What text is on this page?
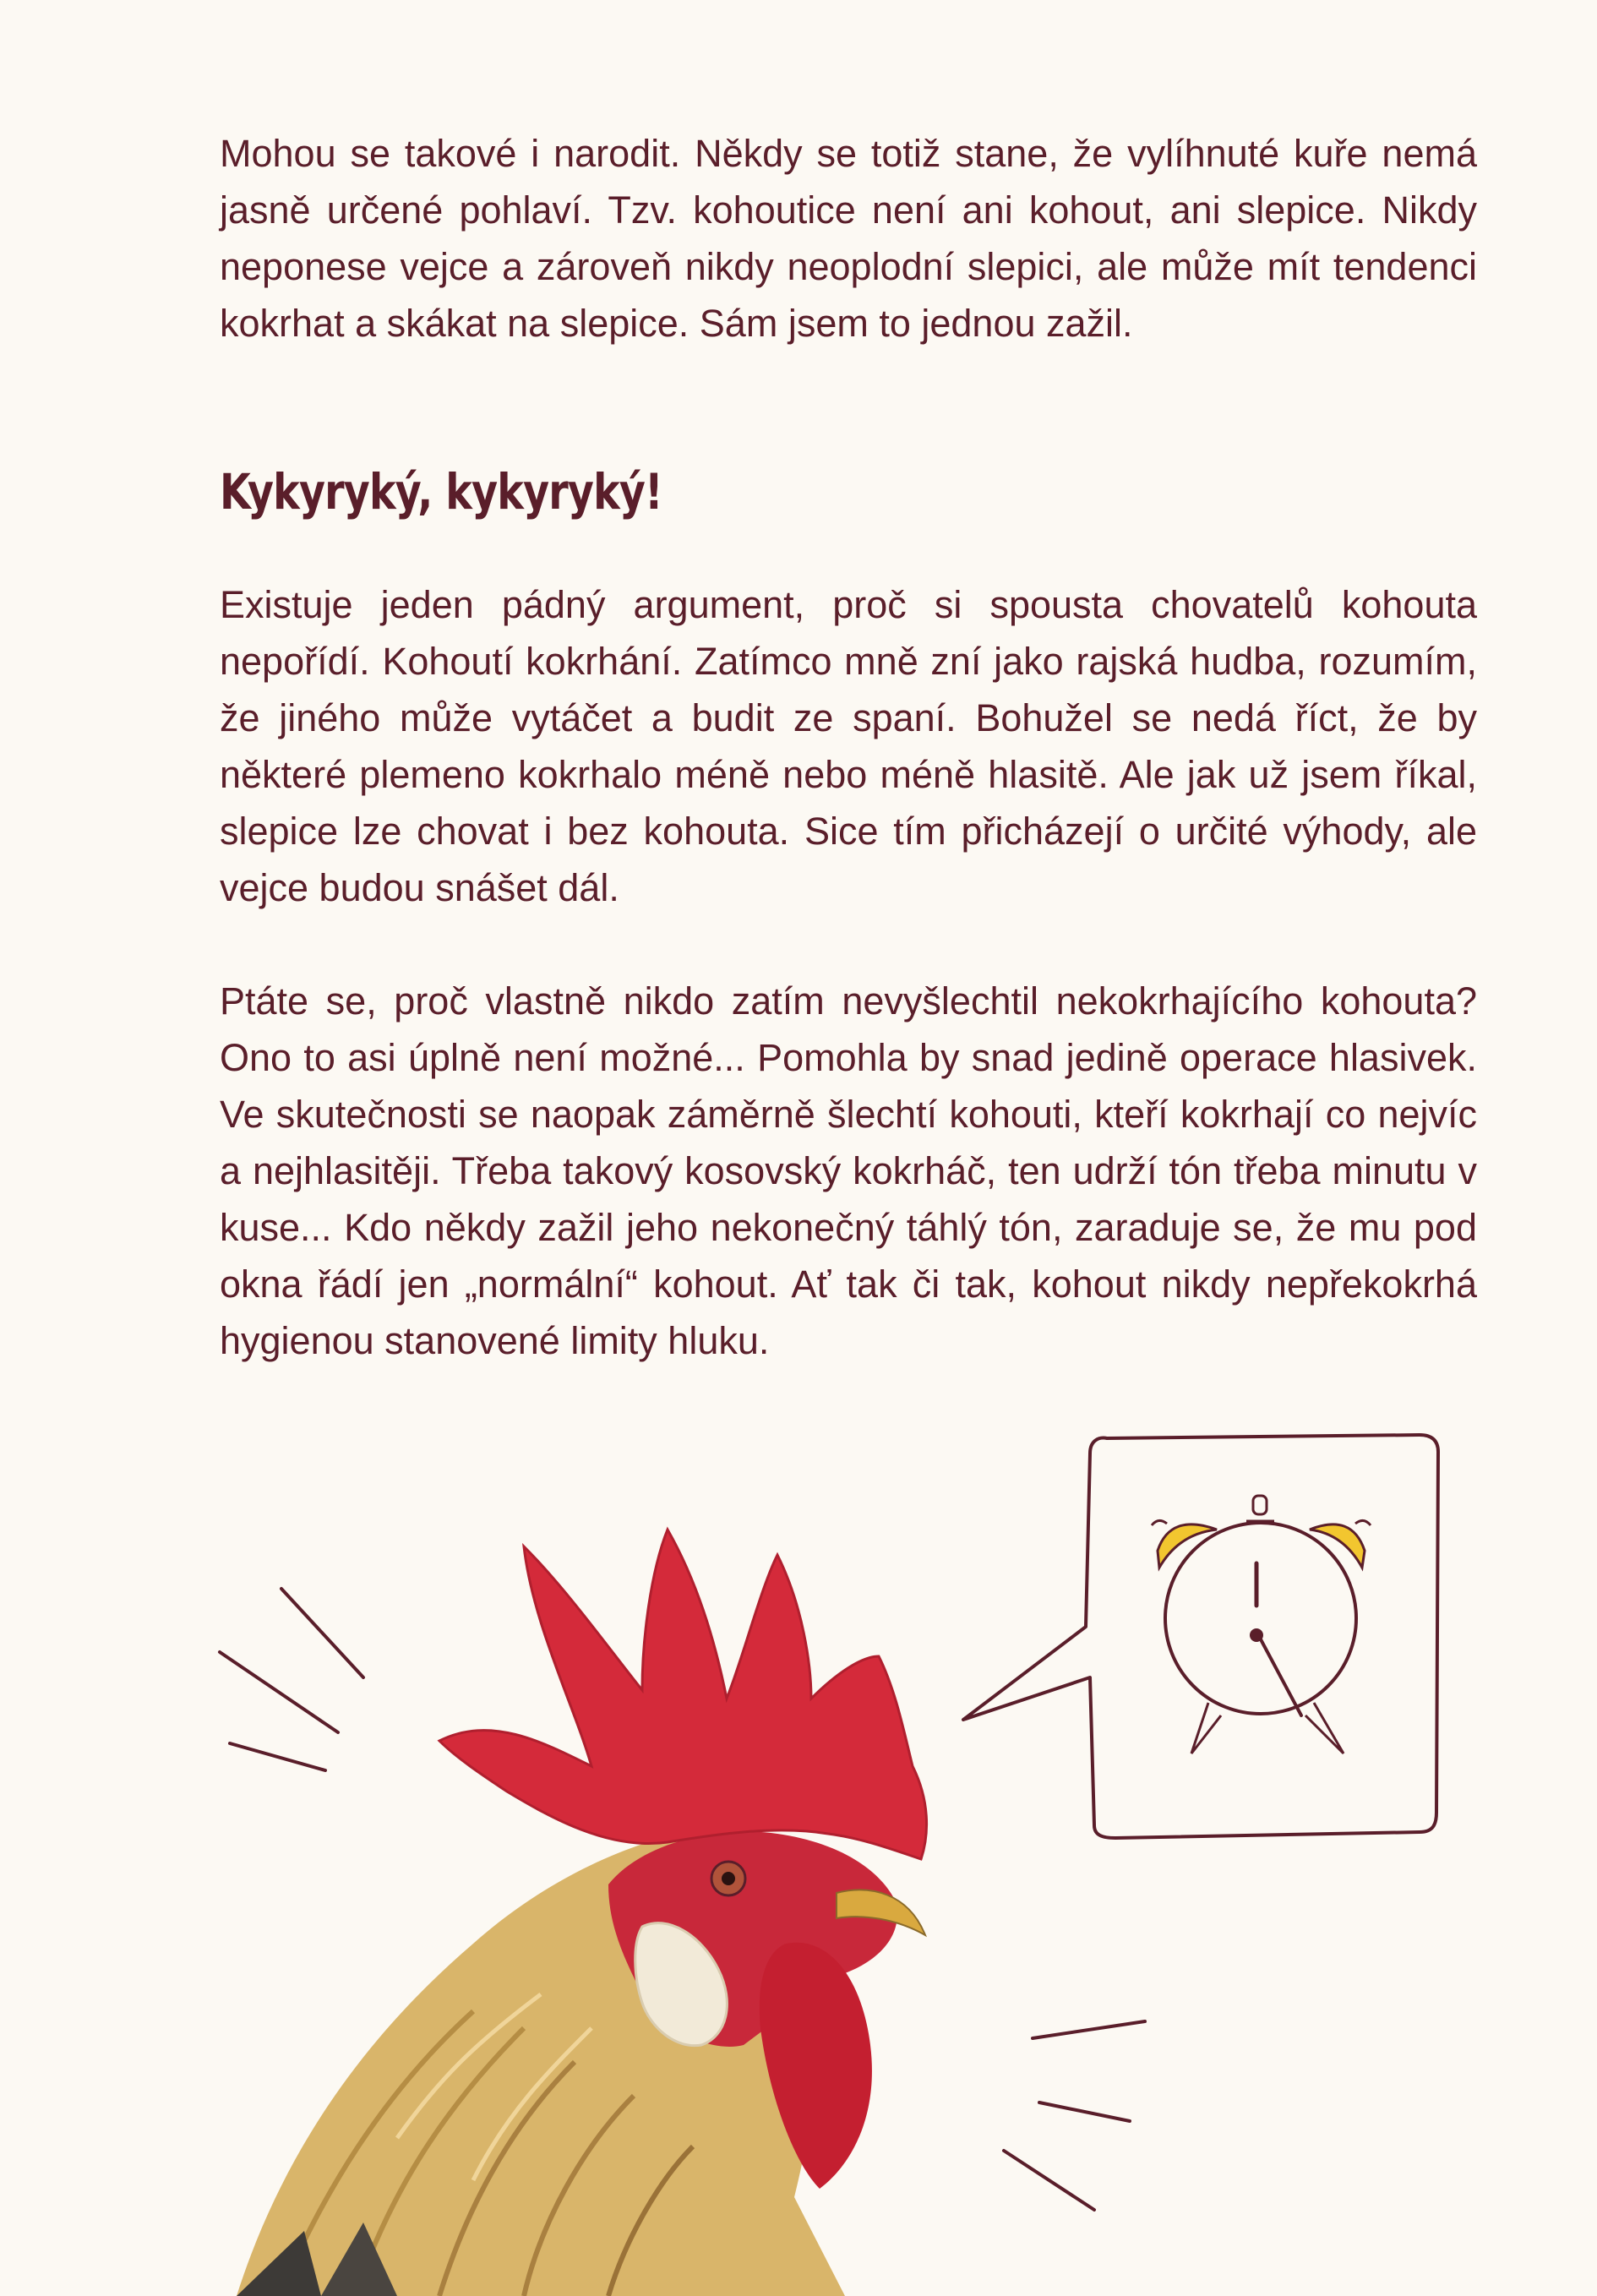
Mohou se takové i narodit. Někdy se totiž stane, že vylíhnuté kuře nemá jasně určené pohlaví. Tzv. kohoutice není ani kohout, ani slepice. Nikdy neponese vejce a zároveň nikdy neoplodní slepici, ale může mít tendenci kokrhat a skákat na slepice. Sám jsem to jednou zažil.

Kykyryký, kykyryký!

Existuje jeden pádný argument, proč si spousta chovatelů kohouta nepořídí. Kohoutí kokrhání. Zatímco mně zní jako rajská hudba, rozumím, že jiného může vytáčet a budit ze spaní. Bohužel se nedá říct, že by některé plemeno kokrhalo méně nebo méně hlasitě. Ale jak už jsem říkal, slepice lze chovat i bez kohouta. Sice tím přicházejí o určité výhody, ale vejce budou snášet dál.

Ptáte se, proč vlastně nikdo zatím nevyšlechtil nekokrhajícího kohouta? Ono to asi úplně není možné... Pomohla by snad jedině operace hlasivek. Ve skutečnosti se naopak záměrně šlechtí kohouti, kteří kokrhají co nejvíc a nejhlasitěji. Třeba takový kosovský kokrháč, ten udrží tón třeba minutu v kuse... Kdo někdy zažil jeho nekonečný táhlý tón, zaraduje se, že mu pod okna řádí jen „normální“ kohout. Ať tak či tak, kohout nikdy nepřekokrhá hygienou stanovené limity hluku.
